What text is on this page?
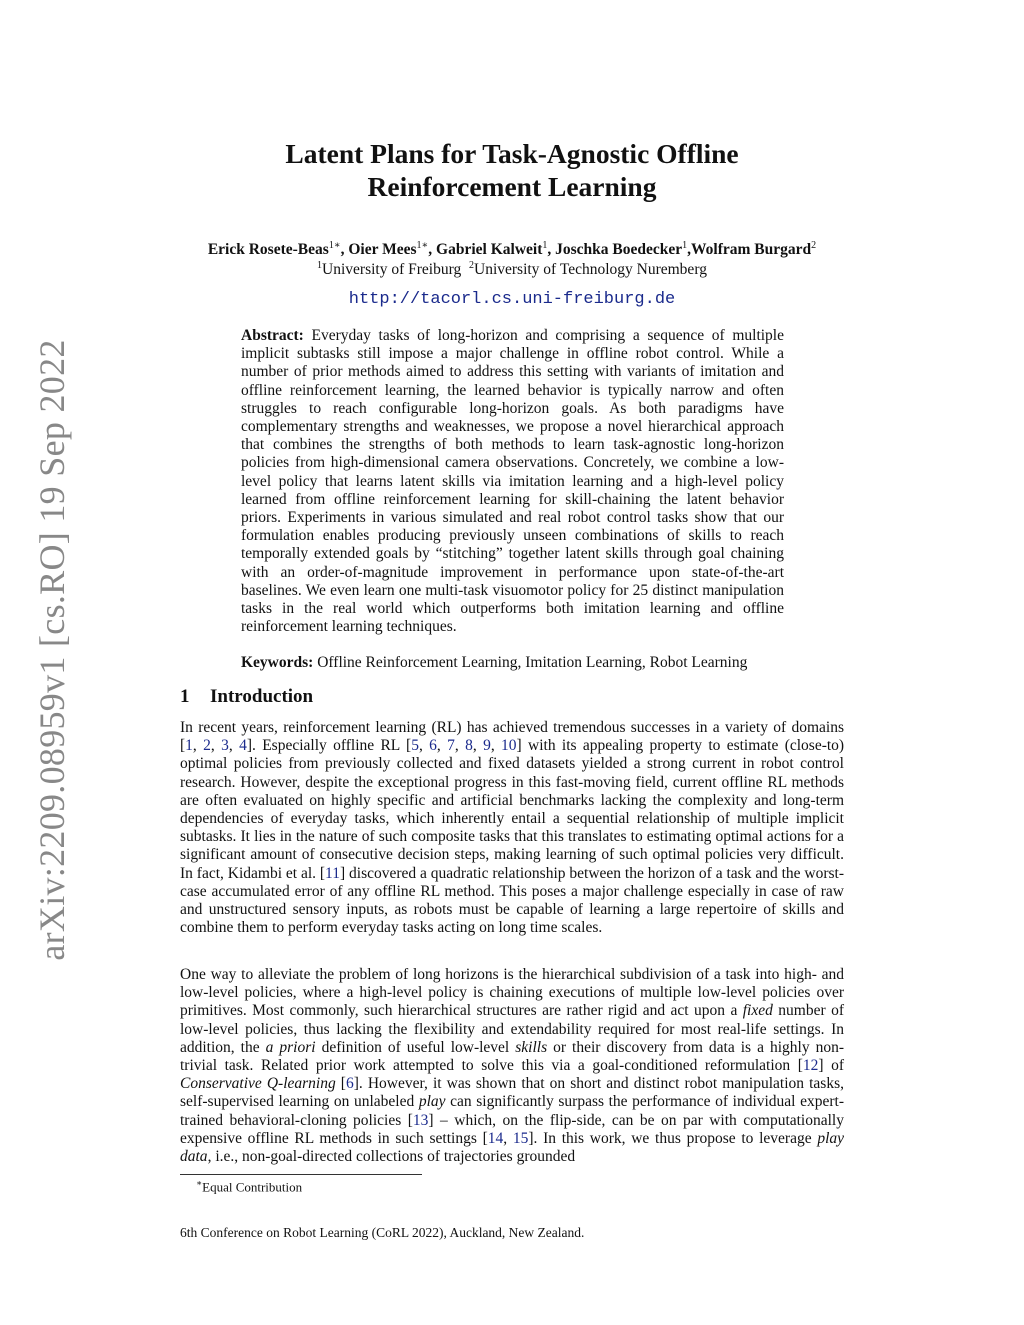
arXiv:2209.08959v1 [cs.RO] 19 Sep 2022
Latent Plans for Task-Agnostic Offline
Reinforcement Learning
Erick Rosete-Beas$^{1∗}$, Oier Mees$^{1∗}$, Gabriel Kalweit$^1$, Joschka Boedecker$^1$,Wolfram Burgard$^2$
$^1$University of Freiburg $^2$University of Technology Nuremberg
http://tacorl.cs.uni-freiburg.de
Abstract: Everyday tasks of long-horizon and comprising a sequence of multiple implicit subtasks still impose a major challenge in offline robot control. While a number of prior methods aimed to address this setting with variants of imitation and offline reinforcement learning, the learned behavior is typically narrow and often struggles to reach configurable long-horizon goals. As both paradigms have complementary strengths and weaknesses, we propose a novel hierarchical approach that combines the strengths of both methods to learn task-agnostic long-horizon policies from high-dimensional camera observations. Concretely, we combine a low-level policy that learns latent skills via imitation learning and a high-level policy learned from offline reinforcement learning for skill-chaining the latent behavior priors. Experiments in various simulated and real robot control tasks show that our formulation enables producing previously unseen combinations of skills to reach temporally extended goals by “stitching” together latent skills through goal chaining with an order-of-magnitude improvement in performance upon state-of-the-art baselines. We even learn one multi-task visuomotor policy for 25 distinct manipulation tasks in the real world which outperforms both imitation learning and offline reinforcement learning techniques.
Keywords: Offline Reinforcement Learning, Imitation Learning, Robot Learning
1 Introduction

In recent years, reinforcement learning (RL) has achieved tremendous successes in a variety of domains [1, 2, 3, 4]. Especially offline RL [5, 6, 7, 8, 9, 10] with its appealing property to estimate (close-to) optimal policies from previously collected and fixed datasets yielded a strong current in robot control research. However, despite the exceptional progress in this fast-moving field, current offline RL methods are often evaluated on highly specific and artificial benchmarks lacking the complexity and long-term dependencies of everyday tasks, which inherently entail a sequential relationship of multiple implicit subtasks. It lies in the nature of such composite tasks that this translates to estimating optimal actions for a significant amount of consecutive decision steps, making learning of such optimal policies very difficult. In fact, Kidambi et al. [11] discovered a quadratic relationship between the horizon of a task and the worst-case accumulated error of any offline RL method. This poses a major challenge especially in case of raw and unstructured sensory inputs, as robots must be capable of learning a large repertoire of skills and combine them to perform everyday tasks acting on long time scales.

One way to alleviate the problem of long horizons is the hierarchical subdivision of a task into high- and low-level policies, where a high-level policy is chaining executions of multiple low-level policies over primitives. Most commonly, such hierarchical structures are rather rigid and act upon a fixed number of low-level policies, thus lacking the flexibility and extendability required for most real-life settings. In addition, the a priori definition of useful low-level skills or their discovery from data is a highly non-trivial task. Related prior work attempted to solve this via a goal-conditioned reformulation [12] of Conservative Q-learning [6]. However, it was shown that on short and distinct robot manipulation tasks, self-supervised learning on unlabeled play can significantly surpass the performance of individual expert-trained behavioral-cloning policies [13] – which, on the flip-side, can be on par with computationally expensive offline RL methods in such settings [14, 15]. In this work, we thus propose to leverage play data, i.e., non-goal-directed collections of trajectories grounded

∗Equal Contribution
6th Conference on Robot Learning (CoRL 2022), Auckland, New Zealand.
